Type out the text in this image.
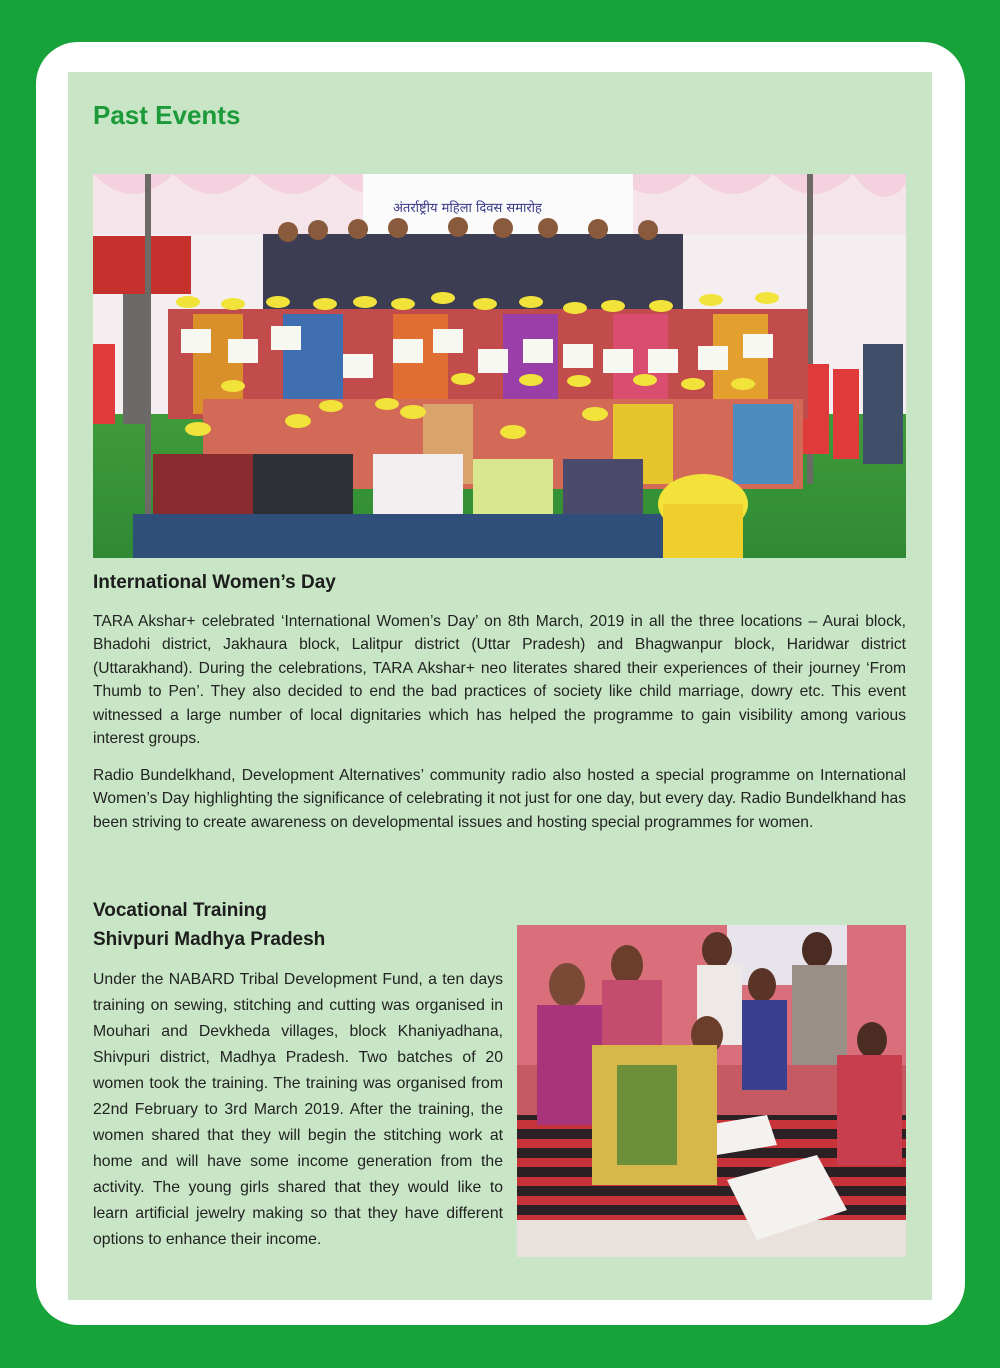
Past Events
अंतर्राष्ट्रीय महिला दिवस समारोह
International Women’s Day

TARA Akshar+ celebrated ‘International Women’s Day’ on 8th March, 2019 in all the three locations – Aurai block, Bhadohi district, Jakhaura block, Lalitpur district (Uttar Pradesh) and Bhagwanpur block, Haridwar district (Uttarakhand). During the celebrations, TARA Akshar+ neo literates shared their experiences of their journey ‘From Thumb to Pen’. They also decided to end the bad practices of society like child marriage, dowry etc. This event witnessed a large number of local dignitaries which has helped the programme to gain visibility among various interest groups.

Radio Bundelkhand, Development Alternatives’ community radio also hosted a special programme on International Women’s Day highlighting the significance of celebrating it not just for one day, but every day. Radio Bundelkhand has been striving to create awareness on developmental issues and hosting special programmes for women.

Vocational Training
Shivpuri Madhya Pradesh

Under the NABARD Tribal Development Fund, a ten days training on sewing, stitching and cutting was organised in Mouhari and Devkheda villages, block Khaniyadhana, Shivpuri district, Madhya Pradesh. Two batches of 20 women took the training. The training was organised from 22nd February to 3rd March 2019. After the training, the women shared that they will begin the stitching work at home and will have some income generation from the activity. The young girls shared that they would like to learn artificial jewelry making so that they have different options to enhance their income.
